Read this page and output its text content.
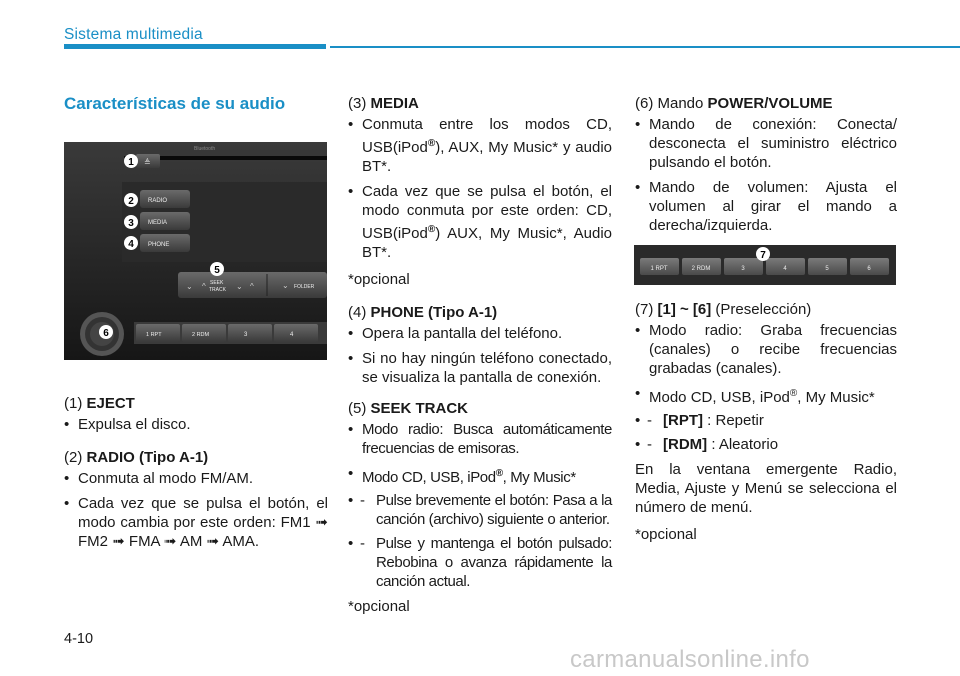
Sistema multimedia
Características de su audio
Bluetooth
≜
RADIO
MEDIA
PHONE
⌄ ^ SEEK
TRACK ⌄ ^	⌄ FOLDER
1 RPT	2 RDM	3	4
1
2
3
4
5
6

(1) EJECT

• Expulsa el disco.

(2) RADIO (Tipo A-1)

• Conmuta al modo FM/AM.
• Cada vez que se pulsa el botón, el modo cambia por este orden: FM1 ➟ FM2 ➟ FMA ➟ AM ➟ AMA.

(3) MEDIA

• Conmuta entre los modos CD, USB(iPod®), AUX, My Music* y audio BT*.
• Cada vez que se pulsa el botón, el modo conmuta por este orden: CD, USB(iPod®) AUX, My Music*, Audio BT*.

*opcional

(4) PHONE (Tipo A-1)

• Opera la pantalla del teléfono.
• Si no hay ningún teléfono conectado, se visualiza la pantalla de conexión.

(5) SEEK TRACK

• Modo radio: Busca automáticamente frecuencias de emisoras.
• Modo CD, USB, iPod®, My Music*
• - Pulse brevemente el botón: Pasa a la canción (archivo) siguiente o anterior.
• - Pulse y mantenga el botón pulsado: Rebobina o avanza rápidamente la canción actual.

*opcional

(6) Mando POWER/VOLUME

• Mando de conexión: Conecta/ desconecta el suministro eléctrico pulsando el botón.
• Mando de volumen: Ajusta el volumen al girar el mando a derecha/izquierda.
1 RPT	2 RDM	3	4	5	6
7

(7) [1] ~ [6] (Preselección)

• Modo radio: Graba frecuencias (canales) o recibe frecuencias grabadas (canales).
• Modo CD, USB, iPod®, My Music*
• - [RPT] : Repetir
• - [RDM] : Aleatorio

En la ventana emergente Radio, Media, Ajuste y Menú se selecciona el número de menú.

*opcional

4-10
carmanualsonline.info
